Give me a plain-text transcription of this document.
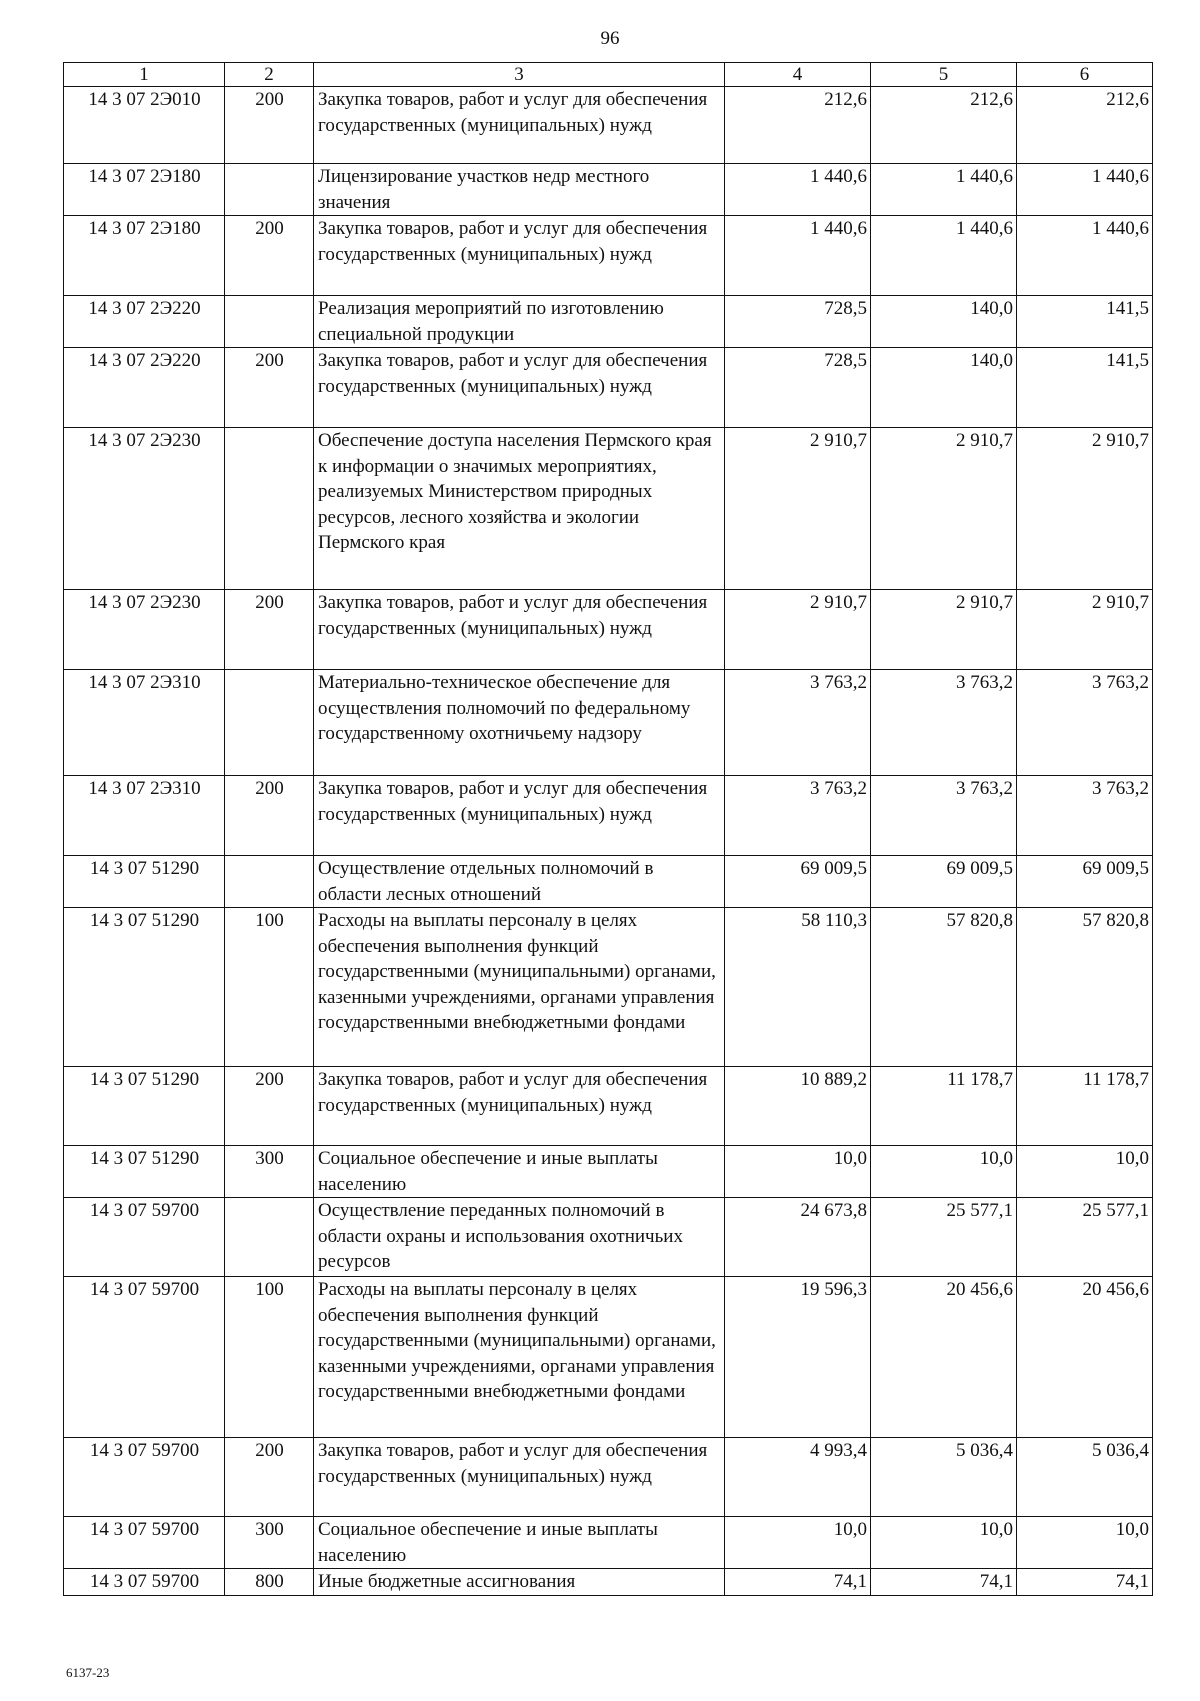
96
1	2	3	4	5	6
14 3 07 2Э010	200	Закупка товаров, работ и услуг для обеспечения государственных (муниципальных) нужд	212,6	212,6	212,6
14 3 07 2Э180		Лицензирование участков недр местного значения	1 440,6	1 440,6	1 440,6
14 3 07 2Э180	200	Закупка товаров, работ и услуг для обеспечения государственных (муниципальных) нужд	1 440,6	1 440,6	1 440,6
14 3 07 2Э220		Реализация мероприятий по изготовлению специальной продукции	728,5	140,0	141,5
14 3 07 2Э220	200	Закупка товаров, работ и услуг для обеспечения государственных (муниципальных) нужд	728,5	140,0	141,5
14 3 07 2Э230		Обеспечение доступа населения Пермского края к информации о значимых мероприятиях, реализуемых Министерством природных ресурсов, лесного хозяйства и экологии Пермского края	2 910,7	2 910,7	2 910,7
14 3 07 2Э230	200	Закупка товаров, работ и услуг для обеспечения государственных (муниципальных) нужд	2 910,7	2 910,7	2 910,7
14 3 07 2Э310		Материально-техническое обеспечение для осуществления полномочий по федеральному государственному охотничьему надзору	3 763,2	3 763,2	3 763,2
14 3 07 2Э310	200	Закупка товаров, работ и услуг для обеспечения государственных (муниципальных) нужд	3 763,2	3 763,2	3 763,2
14 3 07 51290		Осуществление отдельных полномочий в области лесных отношений	69 009,5	69 009,5	69 009,5
14 3 07 51290	100	Расходы на выплаты персоналу в целях обеспечения выполнения функций государственными (муниципальными) органами, казенными учреждениями, органами управления государственными внебюджетными фондами	58 110,3	57 820,8	57 820,8
14 3 07 51290	200	Закупка товаров, работ и услуг для обеспечения государственных (муниципальных) нужд	10 889,2	11 178,7	11 178,7
14 3 07 51290	300	Социальное обеспечение и иные выплаты населению	10,0	10,0	10,0
14 3 07 59700		Осуществление переданных полномочий в области охраны и использования охотничьих ресурсов	24 673,8	25 577,1	25 577,1
14 3 07 59700	100	Расходы на выплаты персоналу в целях обеспечения выполнения функций государственными (муниципальными) органами, казенными учреждениями, органами управления государственными внебюджетными фондами	19 596,3	20 456,6	20 456,6
14 3 07 59700	200	Закупка товаров, работ и услуг для обеспечения государственных (муниципальных) нужд	4 993,4	5 036,4	5 036,4
14 3 07 59700	300	Социальное обеспечение и иные выплаты населению	10,0	10,0	10,0
14 3 07 59700	800	Иные бюджетные ассигнования	74,1	74,1	74,1
6137-23
